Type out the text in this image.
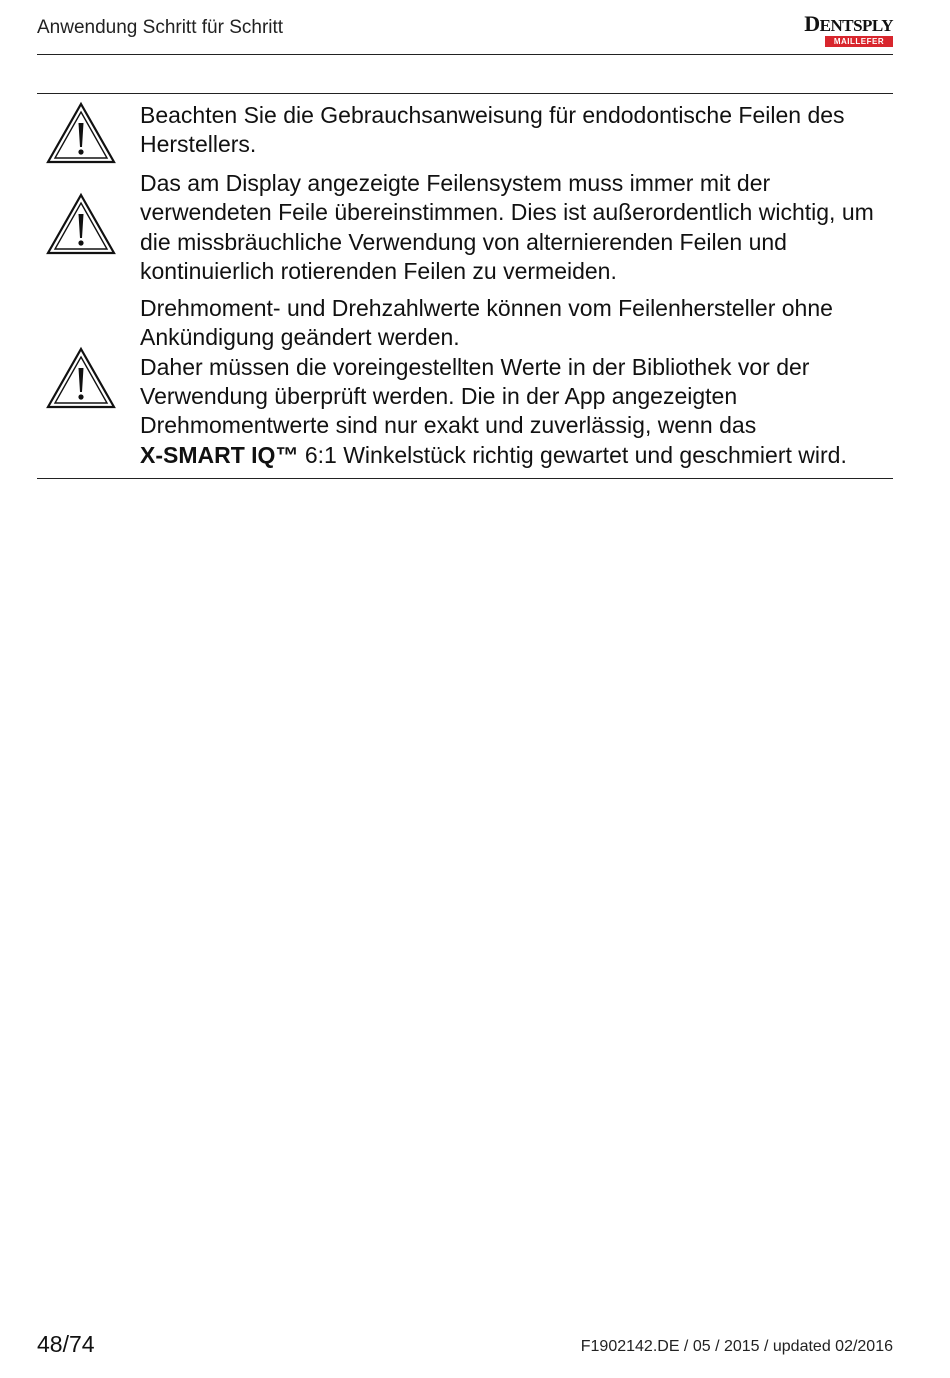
Anwendung Schritt für Schritt	DENTSPLY
MAILLEFER

Beachten Sie die Gebrauchsanweisung für endodontische Feilen des Herstellers.

Das am Display angezeigte Feilensystem muss immer mit der verwendeten Feile übereinstimmen. Dies ist außerordentlich wichtig, um die missbräuchliche Verwendung von alternierenden Feilen und kontinuierlich rotierenden Feilen zu vermeiden.

Drehmoment- und Drehzahlwerte können vom Feilenhersteller ohne Ankündigung geändert werden.

Daher müssen die voreingestellten Werte in der Bibliothek vor der Verwendung überprüft werden. Die in der App angezeigten Drehmomentwerte sind nur exakt und zuverlässig, wenn das
X-SMART IQ™ 6:1 Winkelstück richtig gewartet und geschmiert wird.

48/74	F1902142.DE / 05 / 2015 / updated 02/2016
